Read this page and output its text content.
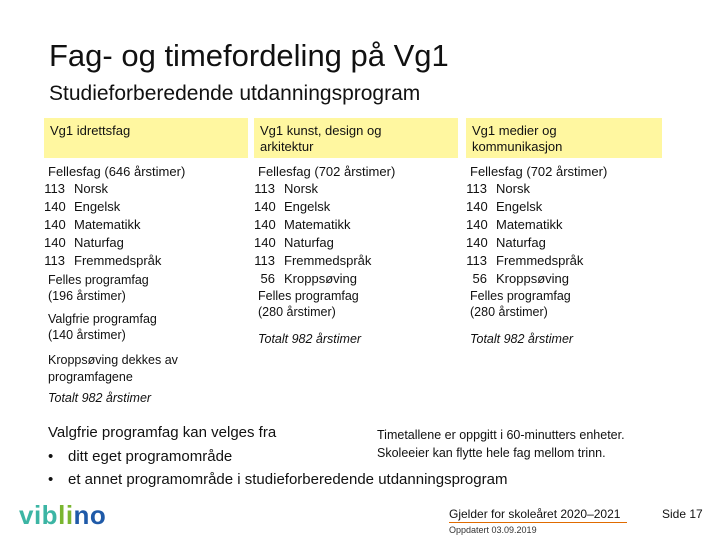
Fag- og timefordeling på Vg1
Studieforberedende utdanningsprogram
Vg1 idrettsfag
Fellesfag (646 årstimer)
113 Norsk
140 Engelsk
140 Matematikk
140 Naturfag
113 Fremmedspråk
Felles programfag
(196 årstimer)
Valgfrie programfag
(140 årstimer)
Vg1 kunst, design og
arkitektur
Fellesfag (702 årstimer)
113 Norsk
140 Engelsk
140 Matematikk
140 Naturfag
113 Fremmedspråk
56 Kroppsøving
Felles programfag
(280 årstimer)
Totalt 982 årstimer
Vg1 medier og
kommunikasjon
Fellesfag (702 årstimer)
113 Norsk
140 Engelsk
140 Matematikk
140 Naturfag
113 Fremmedspråk
56 Kroppsøving
Felles programfag
(280 årstimer)
Totalt 982 årstimer
Kroppsøving dekkes av
programfagene
Totalt 982 årstimer
Valgfrie programfag kan velges fra
• ditt eget programområde
• et annet programområde i studieforberedende utdanningsprogram
Timetallene er oppgitt i 60-minutters enheter.
Skoleeier kan flytte hele fag mellom trinn.
viblino	Gjelder for skoleåret 2020–2021
Oppdatert 03.09.2019
Side 17
